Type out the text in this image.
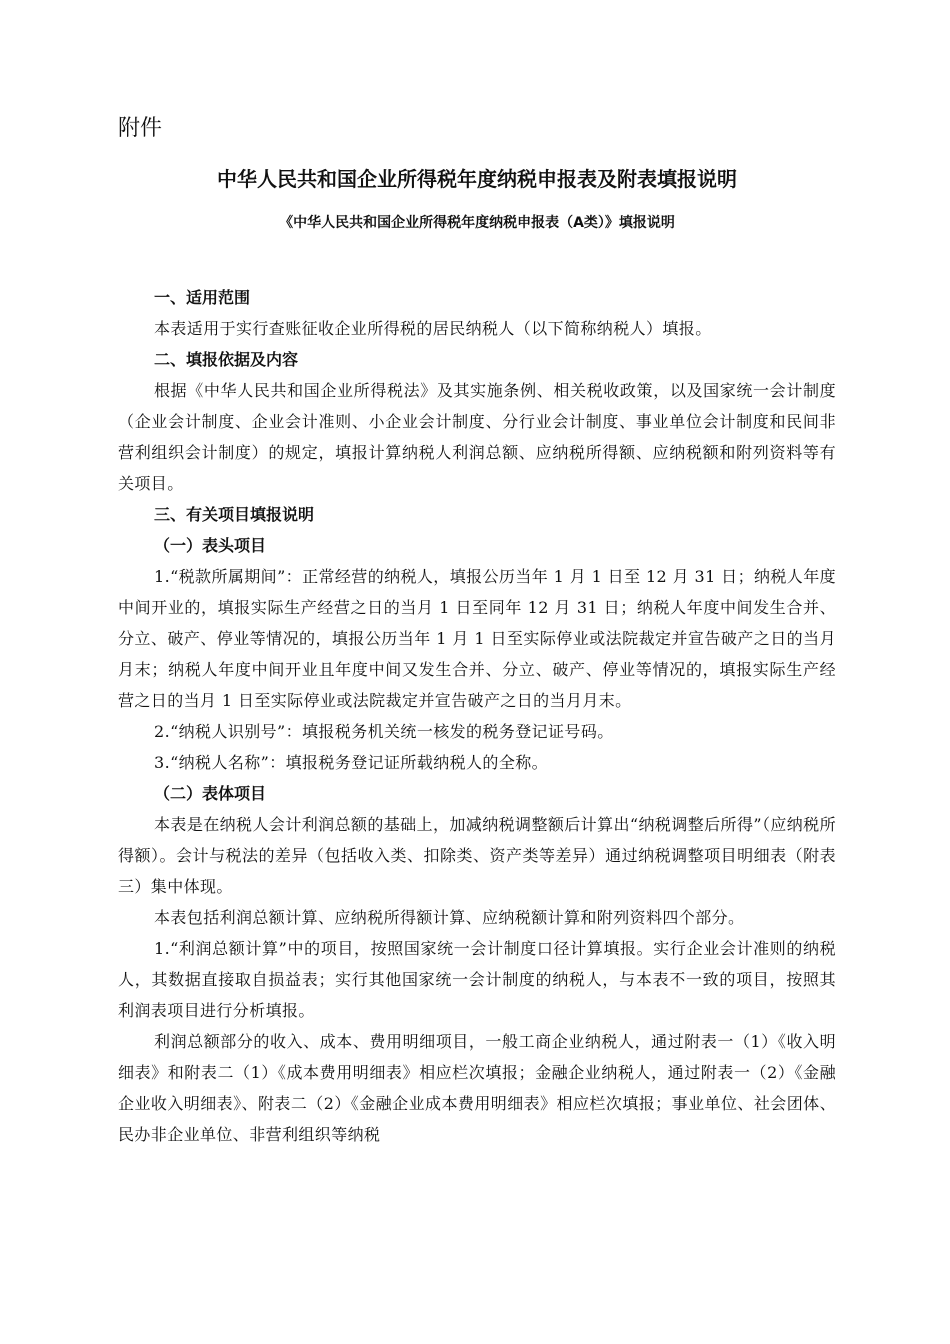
附件
中华人民共和国企业所得税年度纳税申报表及附表填报说明
《中华人民共和国企业所得税年度纳税申报表（A类）》填报说明
一、适用范围

本表适用于实行查账征收企业所得税的居民纳税人（以下简称纳税人）填报。

二、填报依据及内容

根据《中华人民共和国企业所得税法》及其实施条例、相关税收政策，以及国家统一会计制度（企业会计制度、企业会计准则、小企业会计制度、分行业会计制度、事业单位会计制度和民间非营利组织会计制度）的规定，填报计算纳税人利润总额、应纳税所得额、应纳税额和附列资料等有关项目。

三、有关项目填报说明
（一）表头项目

1.“税款所属期间”：正常经营的纳税人，填报公历当年 1 月 1 日至 12 月 31 日；纳税人年度中间开业的，填报实际生产经营之日的当月 1 日至同年 12 月 31 日；纳税人年度中间发生合并、分立、破产、停业等情况的，填报公历当年 1 月 1 日至实际停业或法院裁定并宣告破产之日的当月月末；纳税人年度中间开业且年度中间又发生合并、分立、破产、停业等情况的，填报实际生产经营之日的当月 1 日至实际停业或法院裁定并宣告破产之日的当月月末。

2.“纳税人识别号”：填报税务机关统一核发的税务登记证号码。

3.“纳税人名称”：填报税务登记证所载纳税人的全称。

（二）表体项目

本表是在纳税人会计利润总额的基础上，加减纳税调整额后计算出“纳税调整后所得”（应纳税所得额）。会计与税法的差异（包括收入类、扣除类、资产类等差异）通过纳税调整项目明细表（附表三）集中体现。

本表包括利润总额计算、应纳税所得额计算、应纳税额计算和附列资料四个部分。

1.“利润总额计算”中的项目，按照国家统一会计制度口径计算填报。实行企业会计准则的纳税人，其数据直接取自损益表；实行其他国家统一会计制度的纳税人，与本表不一致的项目，按照其利润表项目进行分析填报。

利润总额部分的收入、成本、费用明细项目，一般工商企业纳税人，通过附表一（1）《收入明细表》和附表二（1）《成本费用明细表》相应栏次填报；金融企业纳税人，通过附表一（2）《金融企业收入明细表》、附表二（2）《金融企业成本费用明细表》相应栏次填报；事业单位、社会团体、民办非企业单位、非营利组织等纳税
